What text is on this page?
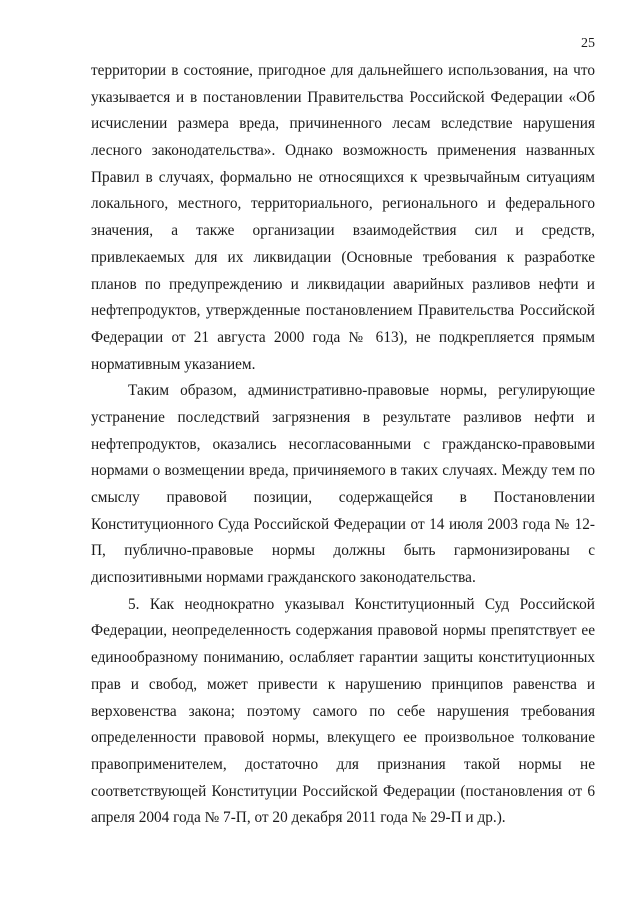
25
территории в состояние, пригодное для дальнейшего использования, на что
указывается и в постановлении Правительства Российской Федерации «Об
исчислении размера вреда, причиненного лесам вследствие нарушения
лесного законодательства». Однако возможность применения названных
Правил в случаях, формально не относящихся к чрезвычайным ситуациям
локального, местного, территориального, регионального и федерального
значения, а также организации взаимодействия сил и средств,
привлекаемых для их ликвидации (Основные требования к разработке
планов по предупреждению и ликвидации аварийных разливов нефти и
нефтепродуктов, утвержденные постановлением Правительства Российской
Федерации от 21 августа 2000 года № 613), не подкрепляется прямым
нормативным указанием.
Таким образом, административно-правовые нормы, регулирующие
устранение последствий загрязнения в результате разливов нефти и
нефтепродуктов, оказались несогласованными с гражданско-правовыми
нормами о возмещении вреда, причиняемого в таких случаях. Между тем по
смыслу правовой позиции, содержащейся в Постановлении
Конституционного Суда Российской Федерации от 14 июля 2003 года № 12-
П, публично-правовые нормы должны быть гармонизированы с
диспозитивными нормами гражданского законодательства.
5. Как неоднократно указывал Конституционный Суд Российской
Федерации, неопределенность содержания правовой нормы препятствует ее
единообразному пониманию, ослабляет гарантии защиты конституционных
прав и свобод, может привести к нарушению принципов равенства и
верховенства закона; поэтому самого по себе нарушения требования
определенности правовой нормы, влекущего ее произвольное толкование
правоприменителем, достаточно для признания такой нормы не
соответствующей Конституции Российской Федерации (постановления от 6
апреля 2004 года № 7-П, от 20 декабря 2011 года № 29-П и др.).
